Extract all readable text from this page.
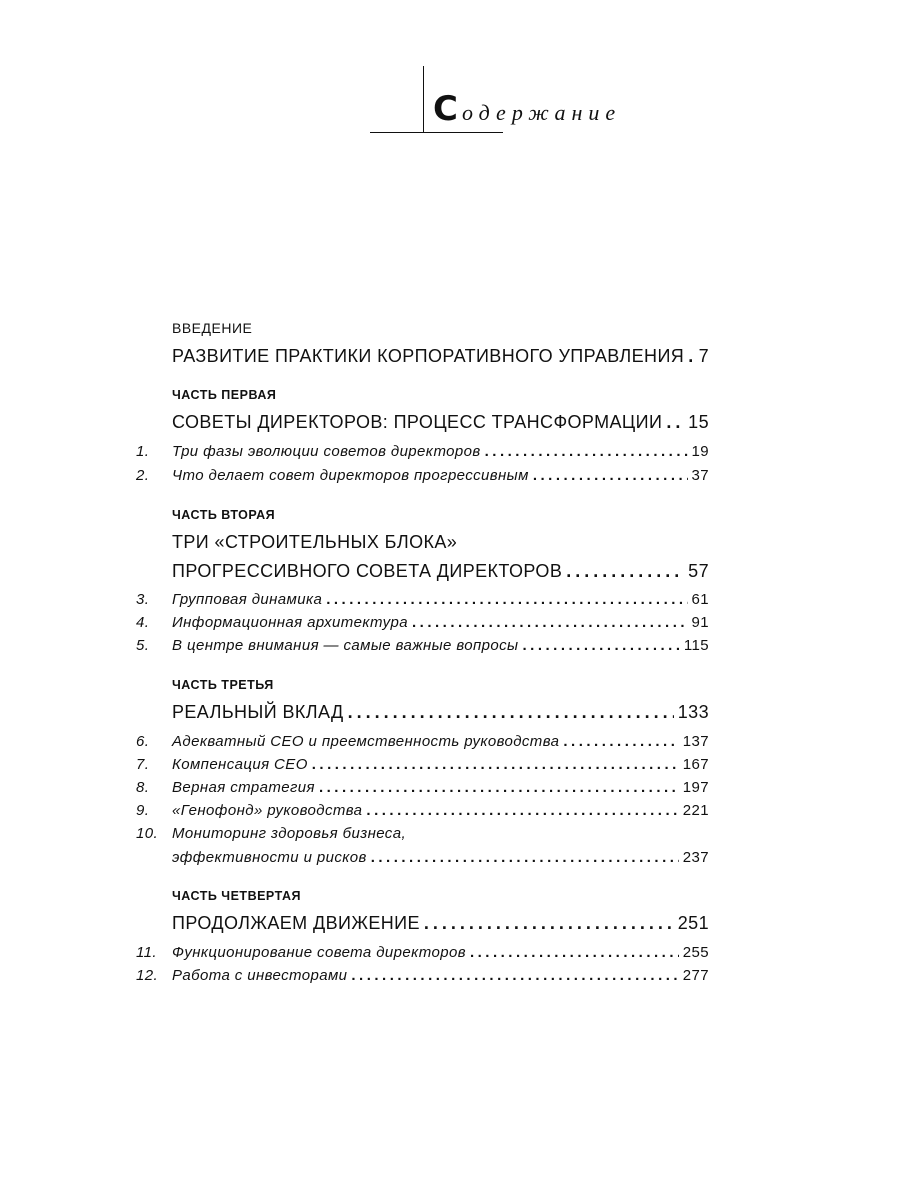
Содержание
ВВЕДЕНИЕ
РАЗВИТИЕ ПРАКТИКИ КОРПОРАТИВНОГО УПРАВЛЕНИЯ ..... 7
ЧАСТЬ ПЕРВАЯ
СОВЕТЫ ДИРЕКТОРОВ: ПРОЦЕСС ТРАНСФОРМАЦИИ ..... 15
1. Три фазы эволюции советов директоров .....	19
2. Что делает совет директоров прогрессивным .....	37
ЧАСТЬ ВТОРАЯ
ТРИ «СТРОИТЕЛЬНЫХ БЛОКА»
ПРОГРЕССИВНОГО СОВЕТА ДИРЕКТОРОВ .....	57
3. Групповая динамика .....	61
4. Информационная архитектура .....	91
5. В центре внимания — самые важные вопросы .....	115
ЧАСТЬ ТРЕТЬЯ
РЕАЛЬНЫЙ ВКЛАД .....	133
6. Адекватный CEO и преемственность руководства .....	137
7. Компенсация CEO .....	167
8. Верная стратегия .....	197
9. «Генофонд» руководства .....	221
10. Мониторинг здоровья бизнеса,
эффективности и рисков .....	237
ЧАСТЬ ЧЕТВЕРТАЯ
ПРОДОЛЖАЕМ ДВИЖЕНИЕ .....	251
11. Функционирование совета директоров .....	255
12. Работа с инвесторами .....	277
